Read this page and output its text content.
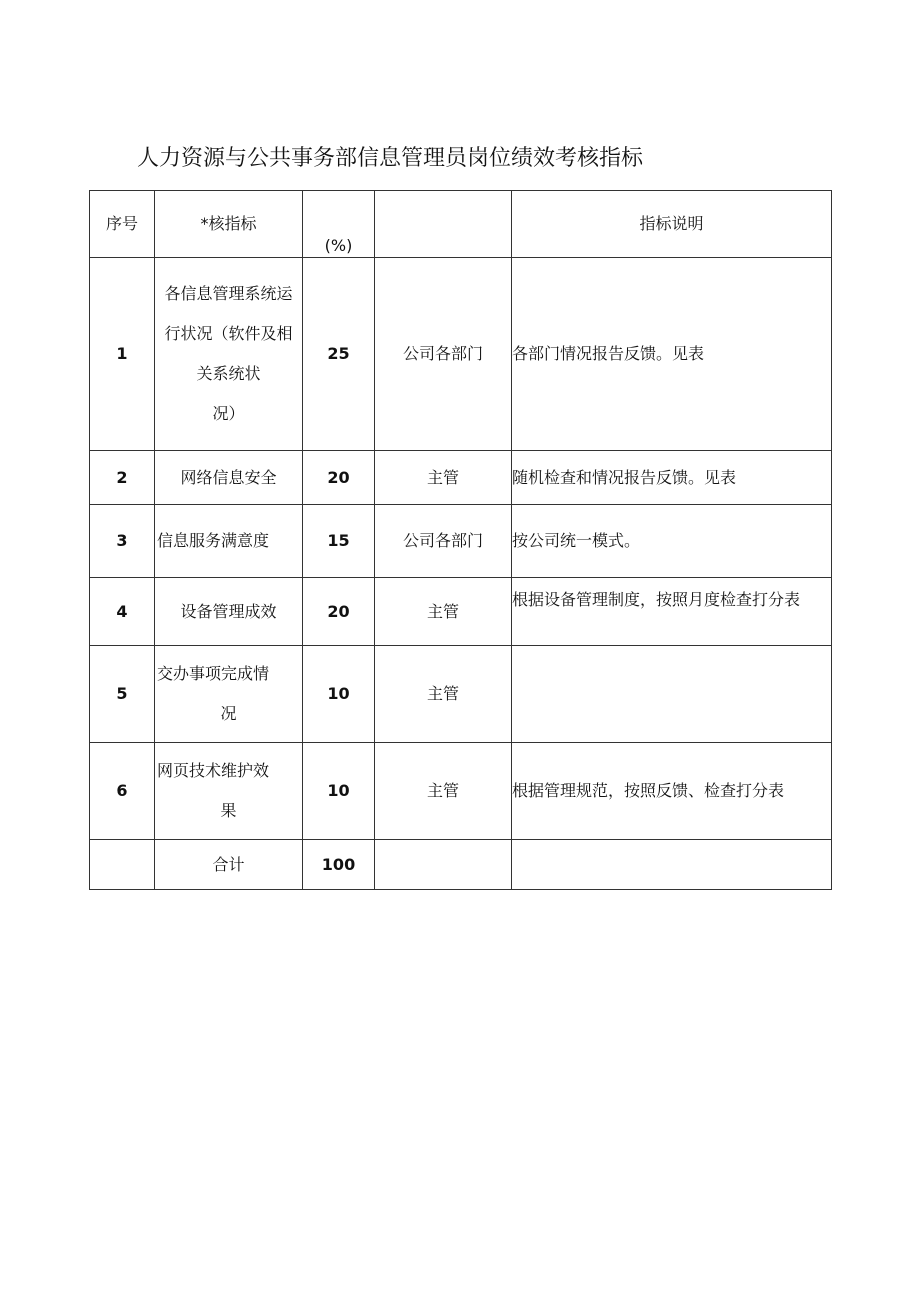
人力资源与公共事务部信息管理员岗位绩效考核指标
序号	*核指标	(%)		指标说明
1	各信息管理系统运
行状况（软件及相
关系统状
况）	25	公司各部门	各部门情况报告反馈。见表
2	网络信息安全	20	主管	随机检查和情况报告反馈。见表
3	信息服务满意度	15	公司各部门	按公司统一模式。
4	设备管理成效	20	主管	根据设备管理制度，按照月度检查打分表
5	交办事项完成情
况	10	主管	
6	网页技术维护效
果	10	主管	根据管理规范，按照反馈、检查打分表
	合计	100		
